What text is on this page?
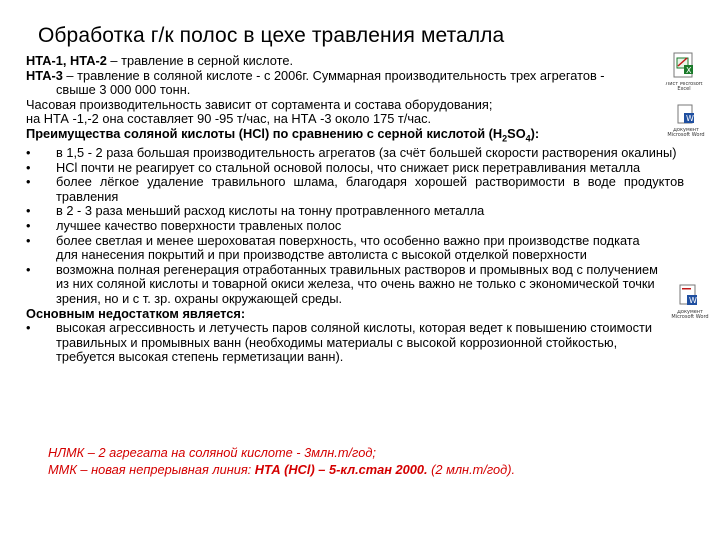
Обработка г/к полос в цехе травления металла
НТА-1, НТА-2 – травление в серной кислоте.
НТА-3 – травление в соляной кислоте - с 2006г. Суммарная производительность трех агрегатов -
свыше 3 000 000 тонн.
Часовая производительность зависит от сортамента и состава оборудования;
на НТА -1,-2 она составляет 90 -95 т/час, на НТА -3 около 175 т/час.
Преимущества соляной кислоты (HCl) по сравнению с серной кислотой $(H_2SO_4)$:
•	в 1,5 - 2 раза большая производительность агрегатов (за счёт большей скорости растворения окалины)
•	HCl почти не реагирует со стальной основой полосы, что снижает риск перетравливания металла
•	более лёгкое удаление травильного шлама, благодаря хорошей растворимости в воде продуктов травления
•	в 2 - 3 раза меньший расход кислоты на тонну протравленного металла
•	лучшее качество поверхности травленых полос
•	более светлая и менее шероховатая поверхность, что особенно важно при производстве подката для нанесения покрытий и при производстве автолиста с высокой отделкой поверхности
•	возможна полная регенерация отработанных травильных растворов и промывных вод с получением из них соляной кислоты и товарной окиси железа, что очень важно не только с экономической точки зрения, но и с т. зр. охраны окружающей среды.
Основным недостатком является:
•	высокая агрессивность и летучесть паров соляной кислоты, которая ведет к повышению стоимости травильных и промывных ванн (необходимы материалы с высокой коррозионной стойкостью, требуется высокая степень герметизации ванн).
НЛМК – 2 агрегата на соляной кислоте - 3млн.т/год;
ММК – новая непрерывная линия: НТА (HCl) – 5-кл.стан 2000. (2 млн.т/год).
X
Лист Microsoft Excel
W
Документ Microsoft Word
W
Документ Microsoft Word
